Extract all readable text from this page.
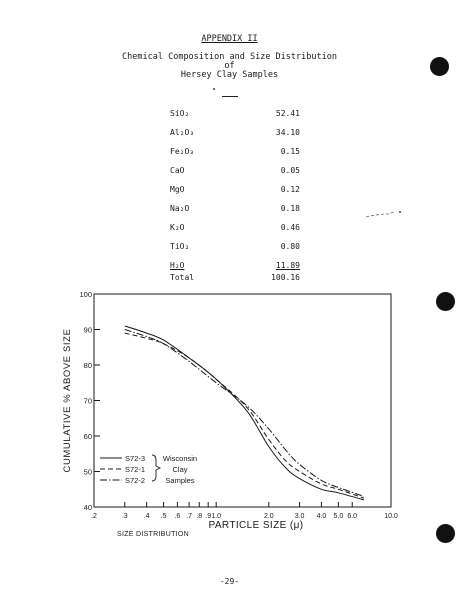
APPENDIX II
Chemical Composition and Size Distribution
of
Hersey Clay Samples
SiO₂	52.41
Al₂O₃	34.10
Fe₂O₃	0.15
CaO	0.05
MgO	0.12
Na₂O	0.18
K₂O	0.46
TiO₂	0.80
H₂O	11.89
Total	100.16
40
50
60
70
80
90
100
.2	.3 .4 .5 .6 .7 .8 .9 1.0	2.0	3.0 4.0 5.0 6.0	10.0
CUMULATIVE % ABOVE SIZE
PARTICLE SIZE (μ)
S72-3
S72-1
S72-2
Wisconsin
Clay
Samples
SIZE DISTRIBUTION
-29-
